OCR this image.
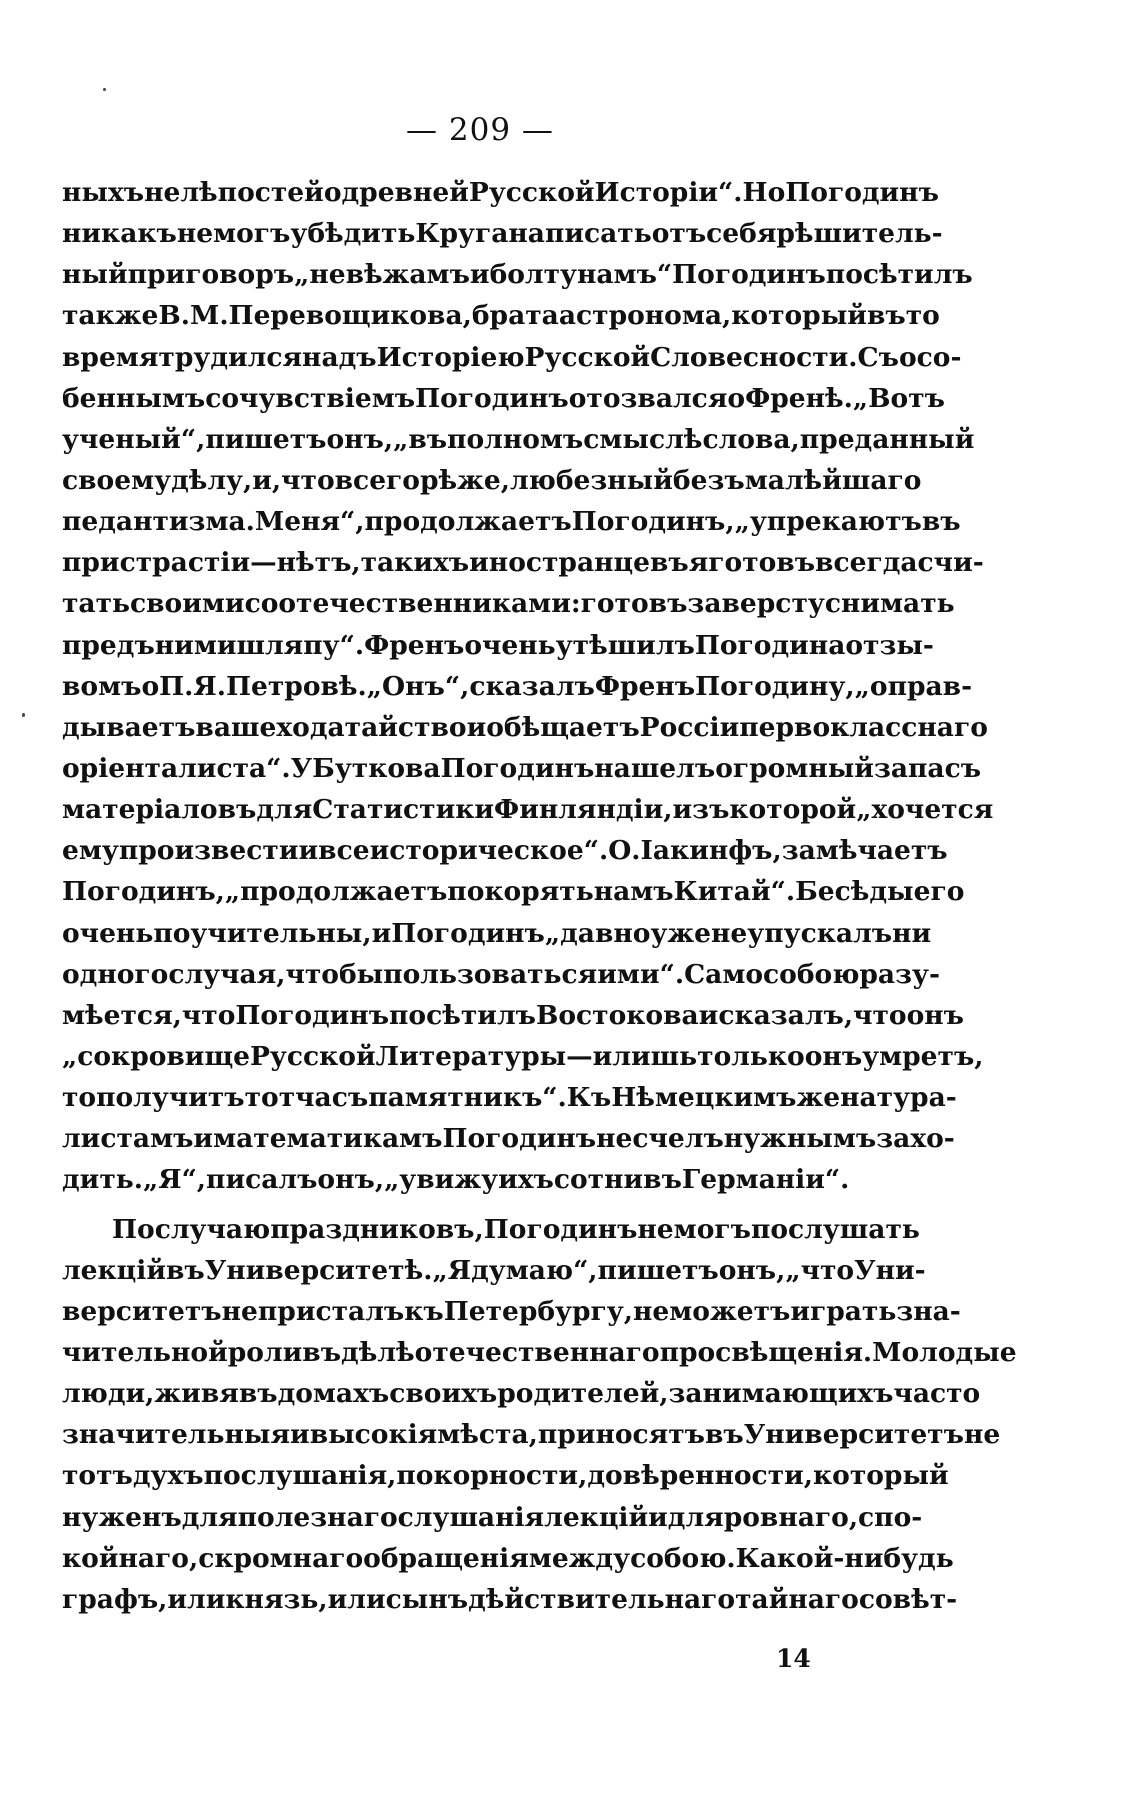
— 209 —
ныхъ нелѣпостей о древней Русской Исторіи“. Но Погодинъ
никакъ не могъ убѣдить Круга написать отъ себя рѣшитель-
ный приговоръ „невѣжамъ и болтунамъ“ Погодинъ посѣтилъ
также В. М. Перевощикова, брата астронома, который въ то
время трудился надъ Исторіею Русской Словесности. Съ осо-
беннымъ сочувствіемъ Погодинъ отозвался о Френѣ. „Вотъ
ученый“, пишетъ онъ, „въ полномъ смыслѣ слова, преданный
своему дѣлу, и, что всего рѣже, любезный безъ малѣйшаго
педантизма. Меня“, продолжаетъ Погодинъ, „упрекаютъ въ
пристрастіи—нѣтъ, такихъ иностранцевъ я готовъ всегда счи-
тать своими соотечественниками: готовъ за версту снимать
предъ ними шляпу“. Френъ очень утѣшилъ Погодина отзы-
вомъ о П. Я. Петровѣ. „Онъ“, сказалъ Френъ Погодину, „оправ-
дываетъ ваше ходатайство и обѣщаетъ Россіи первокласснаго
оріенталиста“. У Буткова Погодинъ нашелъ огромный запасъ
матеріаловъ для Статистики Финляндіи, изъ которой „хочется
ему произвести и все историческое“. О. Іакинфъ, замѣчаетъ
Погодинъ, „продолжаетъ покорять намъ Китай“. Бесѣды его
очень поучительны, и Погодинъ „давно уже не упускалъ ни
одного случая, чтобы пользоваться ими“. Само собою разу-
мѣется, что Погодинъ посѣтилъ Востокова и сказалъ, что онъ
„сокровище Русской Литературы—и лишь только онъ умретъ,
то получитъ тотчасъ памятникъ“. Къ Нѣмецкимъ же натура-
листамъ и математикамъ Погодинъ не счелъ нужнымъ захо-
дить. „Я“, писалъ онъ, „увижу ихъ сотни въ Германіи“.
По случаю праздниковъ, Погодинъ не могъ послушать
лекцій въ Университетѣ. „Я думаю“, пишетъ онъ, „что Уни-
верситетъ не присталъ къ Петербургу, не можетъ играть зна-
чительной роли въ дѣлѣ отечественнаго просвѣщенія. Молодые
люди, живя въ домахъ своихъ родителей, занимающихъ часто
значительныя и высокія мѣста, приносятъ въ Университетъ не
тотъ духъ послушанія, покорности, довѣренности, который
нуженъ для полезнаго слушанія лекцій и для ровнаго, спо-
койнаго, скромнаго обращенія между собою. Какой-нибудь
графъ, или князь, или сынъ дѣйствительнаго тайнаго совѣт-
14
